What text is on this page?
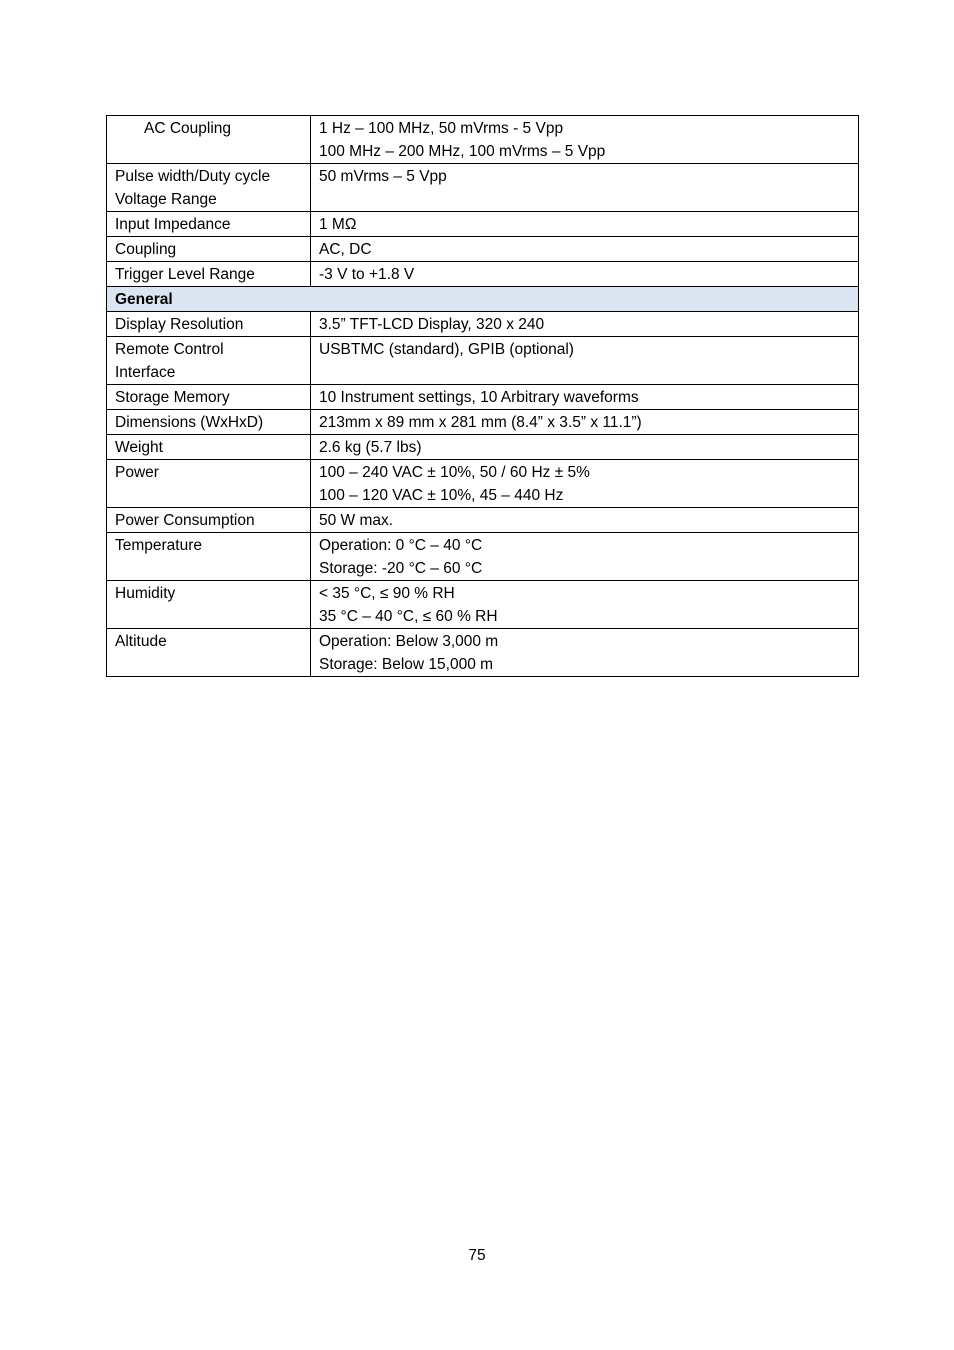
AC Coupling	1 Hz – 100 MHz, 50 mVrms - 5 Vpp
100 MHz – 200 MHz, 100 mVrms – 5 Vpp

Pulse width/Duty cycle
Voltage Range	50 mVrms – 5 Vpp

Input Impedance	1 MΩ

Coupling	AC, DC

Trigger Level Range	-3 V to +1.8 V

General	

Display Resolution	3.5” TFT-LCD Display, 320 x 240

Remote Control
Interface	USBTMC (standard), GPIB (optional)

Storage Memory	10 Instrument settings, 10 Arbitrary waveforms

Dimensions (WxHxD)	213mm x 89 mm x 281 mm (8.4” x 3.5” x 11.1”)

Weight	2.6 kg (5.7 lbs)

Power	100 – 240 VAC ± 10%, 50 / 60 Hz ± 5%
100 – 120 VAC ± 10%, 45 – 440 Hz

Power Consumption	50 W max.

Temperature	Operation: 0 °C – 40 °C
Storage: -20 °C – 60 °C

Humidity	< 35 °C, ≤ 90 % RH
35 °C – 40 °C, ≤ 60 % RH

Altitude	Operation: Below 3,000 m
Storage: Below 15,000 m
75
